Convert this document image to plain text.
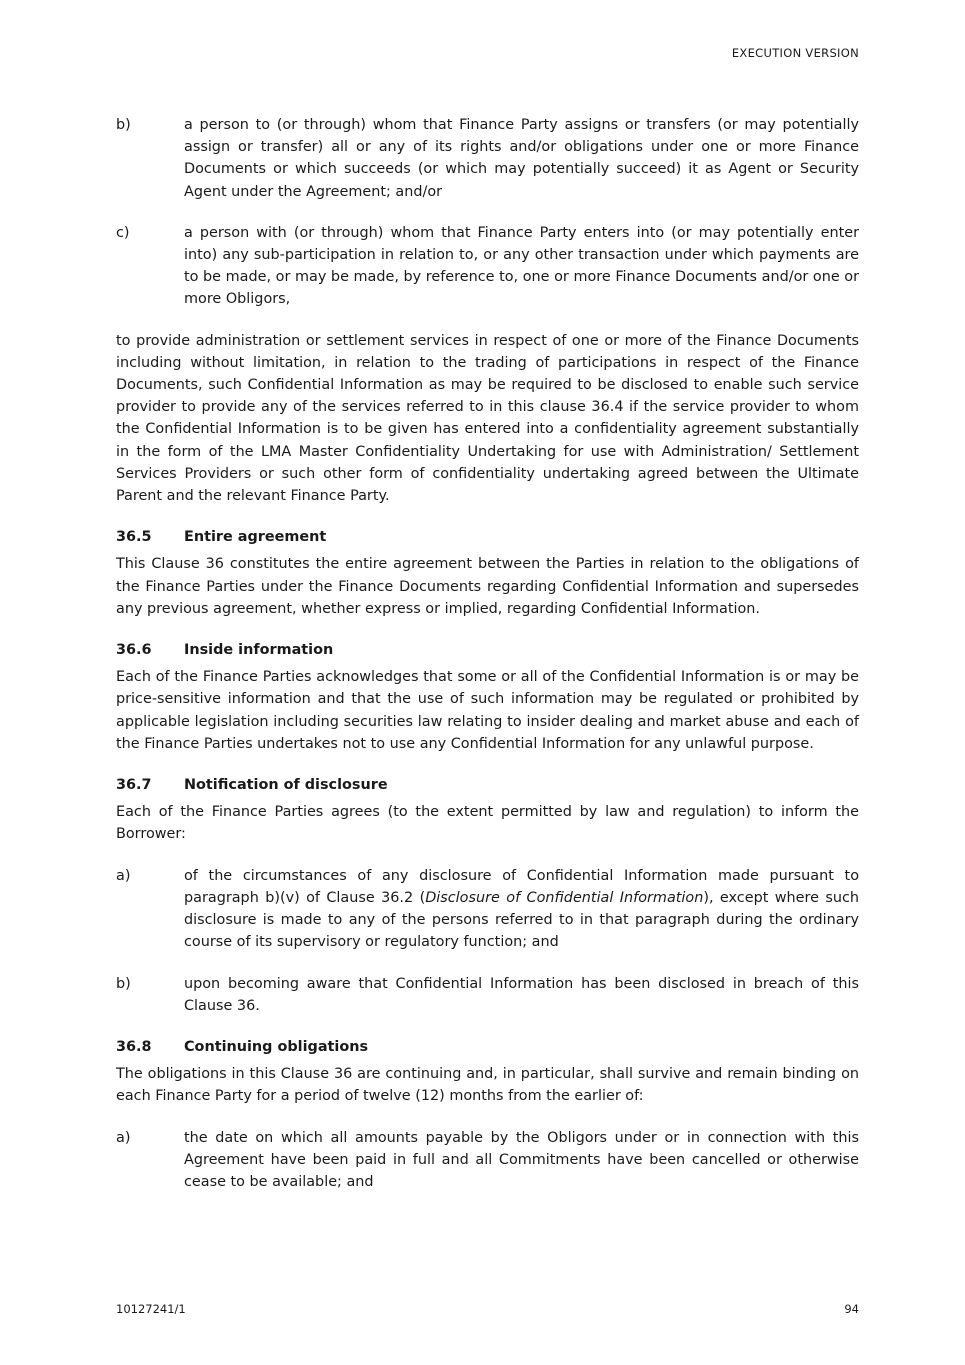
EXECUTION VERSION
b)	a person to (or through) whom that Finance Party assigns or transfers (or may potentially assign or transfer) all or any of its rights and/or obligations under one or more Finance Documents or which succeeds (or which may potentially succeed) it as Agent or Security Agent under the Agreement; and/or
c)	a person with (or through) whom that Finance Party enters into (or may potentially enter into) any sub-participation in relation to, or any other transaction under which payments are to be made, or may be made, by reference to, one or more Finance Documents and/or one or more Obligors,

to provide administration or settlement services in respect of one or more of the Finance Documents including without limitation, in relation to the trading of participations in respect of the Finance Documents, such Confidential Information as may be required to be disclosed to enable such service provider to provide any of the services referred to in this clause 36.4 if the service provider to whom the Confidential Information is to be given has entered into a confidentiality agreement substantially in the form of the LMA Master Confidentiality Undertaking for use with Administration/ Settlement Services Providers or such other form of confidentiality undertaking agreed between the Ultimate Parent and the relevant Finance Party.

36.5	Entire agreement
This Clause 36 constitutes the entire agreement between the Parties in relation to the obligations of the Finance Parties under the Finance Documents regarding Confidential Information and supersedes any previous agreement, whether express or implied, regarding Confidential Information.
36.6	Inside information
Each of the Finance Parties acknowledges that some or all of the Confidential Information is or may be price-sensitive information and that the use of such information may be regulated or prohibited by applicable legislation including securities law relating to insider dealing and market abuse and each of the Finance Parties undertakes not to use any Confidential Information for any unlawful purpose.
36.7	Notification of disclosure
Each of the Finance Parties agrees (to the extent permitted by law and regulation) to inform the Borrower:
a)	of the circumstances of any disclosure of Confidential Information made pursuant to paragraph b)(v) of Clause 36.2 (Disclosure of Confidential Information), except where such disclosure is made to any of the persons referred to in that paragraph during the ordinary course of its supervisory or regulatory function; and
b)	upon becoming aware that Confidential Information has been disclosed in breach of this Clause 36.
36.8	Continuing obligations
The obligations in this Clause 36 are continuing and, in particular, shall survive and remain binding on each Finance Party for a period of twelve (12) months from the earlier of:
a)	the date on which all amounts payable by the Obligors under or in connection with this Agreement have been paid in full and all Commitments have been cancelled or otherwise cease to be available; and
10127241/1	94
